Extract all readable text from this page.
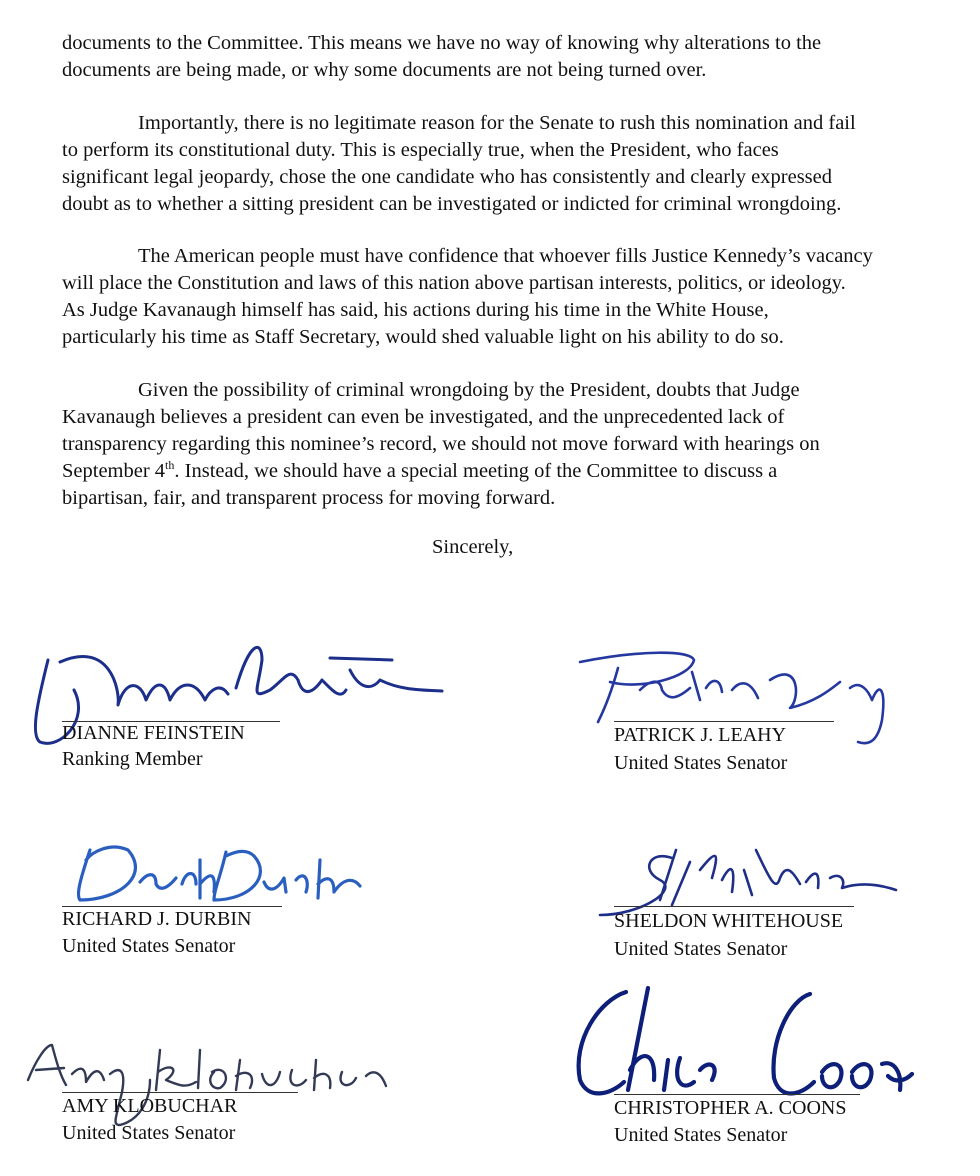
documents to the Committee. This means we have no way of knowing why alterations to the
documents are being made, or why some documents are not being turned over.

Importantly, there is no legitimate reason for the Senate to rush this nomination and fail
to perform its constitutional duty. This is especially true, when the President, who faces
significant legal jeopardy, chose the one candidate who has consistently and clearly expressed
doubt as to whether a sitting president can be investigated or indicted for criminal wrongdoing.

The American people must have confidence that whoever fills Justice Kennedy’s vacancy
will place the Constitution and laws of this nation above partisan interests, politics, or ideology.
As Judge Kavanaugh himself has said, his actions during his time in the White House,
particularly his time as Staff Secretary, would shed valuable light on his ability to do so.

Given the possibility of criminal wrongdoing by the President, doubts that Judge
Kavanaugh believes a president can even be investigated, and the unprecedented lack of
transparency regarding this nominee’s record, we should not move forward with hearings on
September 4th. Instead, we should have a special meeting of the Committee to discuss a
bipartisan, fair, and transparent process for moving forward.

Sincerely,
DIANNE FEINSTEIN
Ranking Member
PATRICK J. LEAHY
United States Senator
RICHARD J. DURBIN
United States Senator
SHELDON WHITEHOUSE
United States Senator
AMY KLOBUCHAR
United States Senator
CHRISTOPHER A. COONS
United States Senator
